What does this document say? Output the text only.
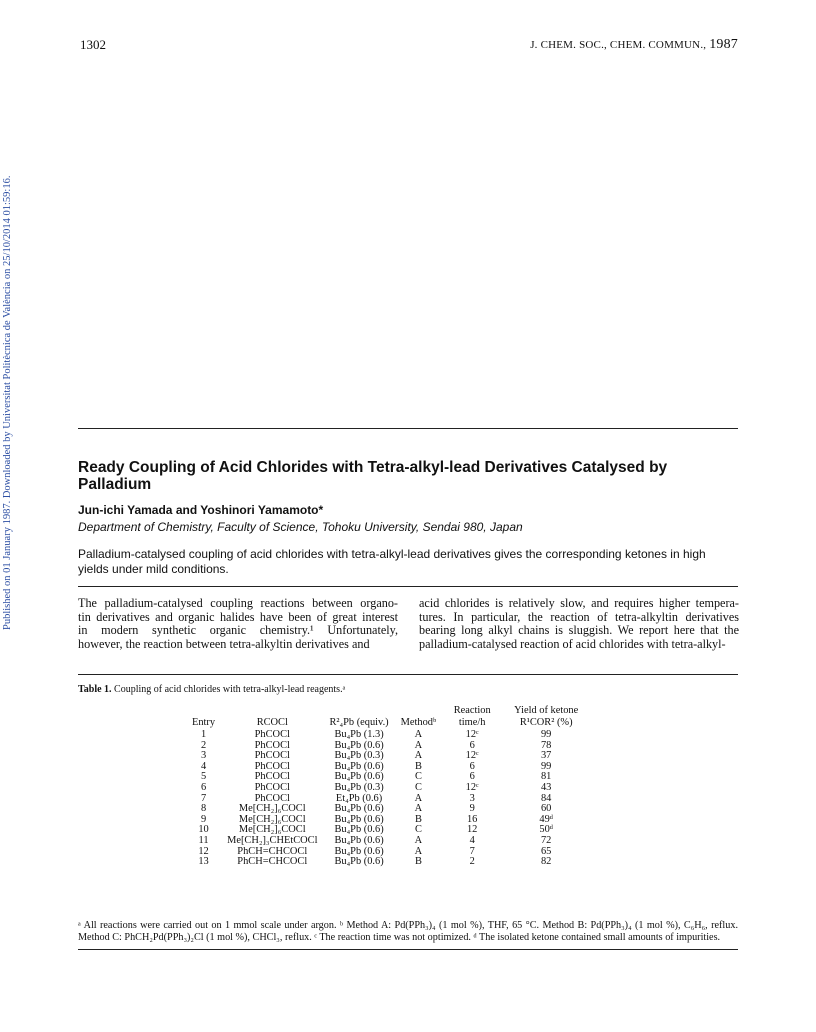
1302	J. CHEM. SOC., CHEM. COMMUN., 1987
Published on 01 January 1987. Downloaded by Universitat Politècnica de València on 25/10/2014 01:59:16.	Ready Coupling of Acid Chlorides with Tetra-alkyl-lead Derivatives Catalysed by Palladium
Jun-ichi Yamada and Yoshinori Yamamoto*
Department of Chemistry, Faculty of Science, Tohoku University, Sendai 980, Japan
Palladium-catalysed coupling of acid chlorides with tetra-alkyl-lead derivatives gives the corresponding ketones in high yields under mild conditions.
The palladium-catalysed coupling reactions between organo-
tin derivatives and organic halides have been of great interest
in modern synthetic organic chemistry.¹ Unfortunately,
however, the reaction between tetra-alkyltin derivatives and
acid chlorides is relatively slow, and requires higher tempera-
tures. In particular, the reaction of tetra-alkyltin derivatives
bearing long alkyl chains is sluggish. We report here that the
palladium-catalysed reaction of acid chlorides with tetra-alkyl-
Table 1. Coupling of acid chlorides with tetra-alkyl-lead reagents.ᵃ
Entry	RCOCl	R²₄Pb (equiv.)	Methodᵇ	Reaction time/h	Yield of ketone R¹COR² (%)
1	PhCOCl	Bu₄Pb (1.3)	A	12ᶜ	99
2	PhCOCl	Bu₄Pb (0.6)	A	6	78
3	PhCOCl	Bu₄Pb (0.3)	A	12ᶜ	37
4	PhCOCl	Bu₄Pb (0.6)	B	6	99
5	PhCOCl	Bu₄Pb (0.6)	C	6	81
6	PhCOCl	Bu₄Pb (0.3)	C	12ᶜ	43
7	PhCOCl	Et₄Pb (0.6)	A	3	84
8	Me[CH₂]₆COCl	Bu₄Pb (0.6)	A	9	60
9	Me[CH₂]₆COCl	Bu₄Pb (0.6)	B	16	49ᵈ
10	Me[CH₂]₆COCl	Bu₄Pb (0.6)	C	12	50ᵈ
11	Me[CH₂]₃CHEtCOCl	Bu₄Pb (0.6)	A	4	72
12	PhCH=CHCOCl	Bu₄Pb (0.6)	A	7	65
13	PhCH=CHCOCl	Bu₄Pb (0.6)	B	2	82
ᵃ All reactions were carried out on 1 mmol scale under argon. ᵇ Method A: Pd(PPh₃)₄ (1 mol %), THF, 65 °C. Method B: Pd(PPh₃)₄ (1 mol %), C₆H₆, reflux. Method C: PhCH₂Pd(PPh₃)₂Cl (1 mol %), CHCl₃, reflux. ᶜ The reaction time was not optimized. ᵈ The isolated ketone contained small amounts of impurities.
